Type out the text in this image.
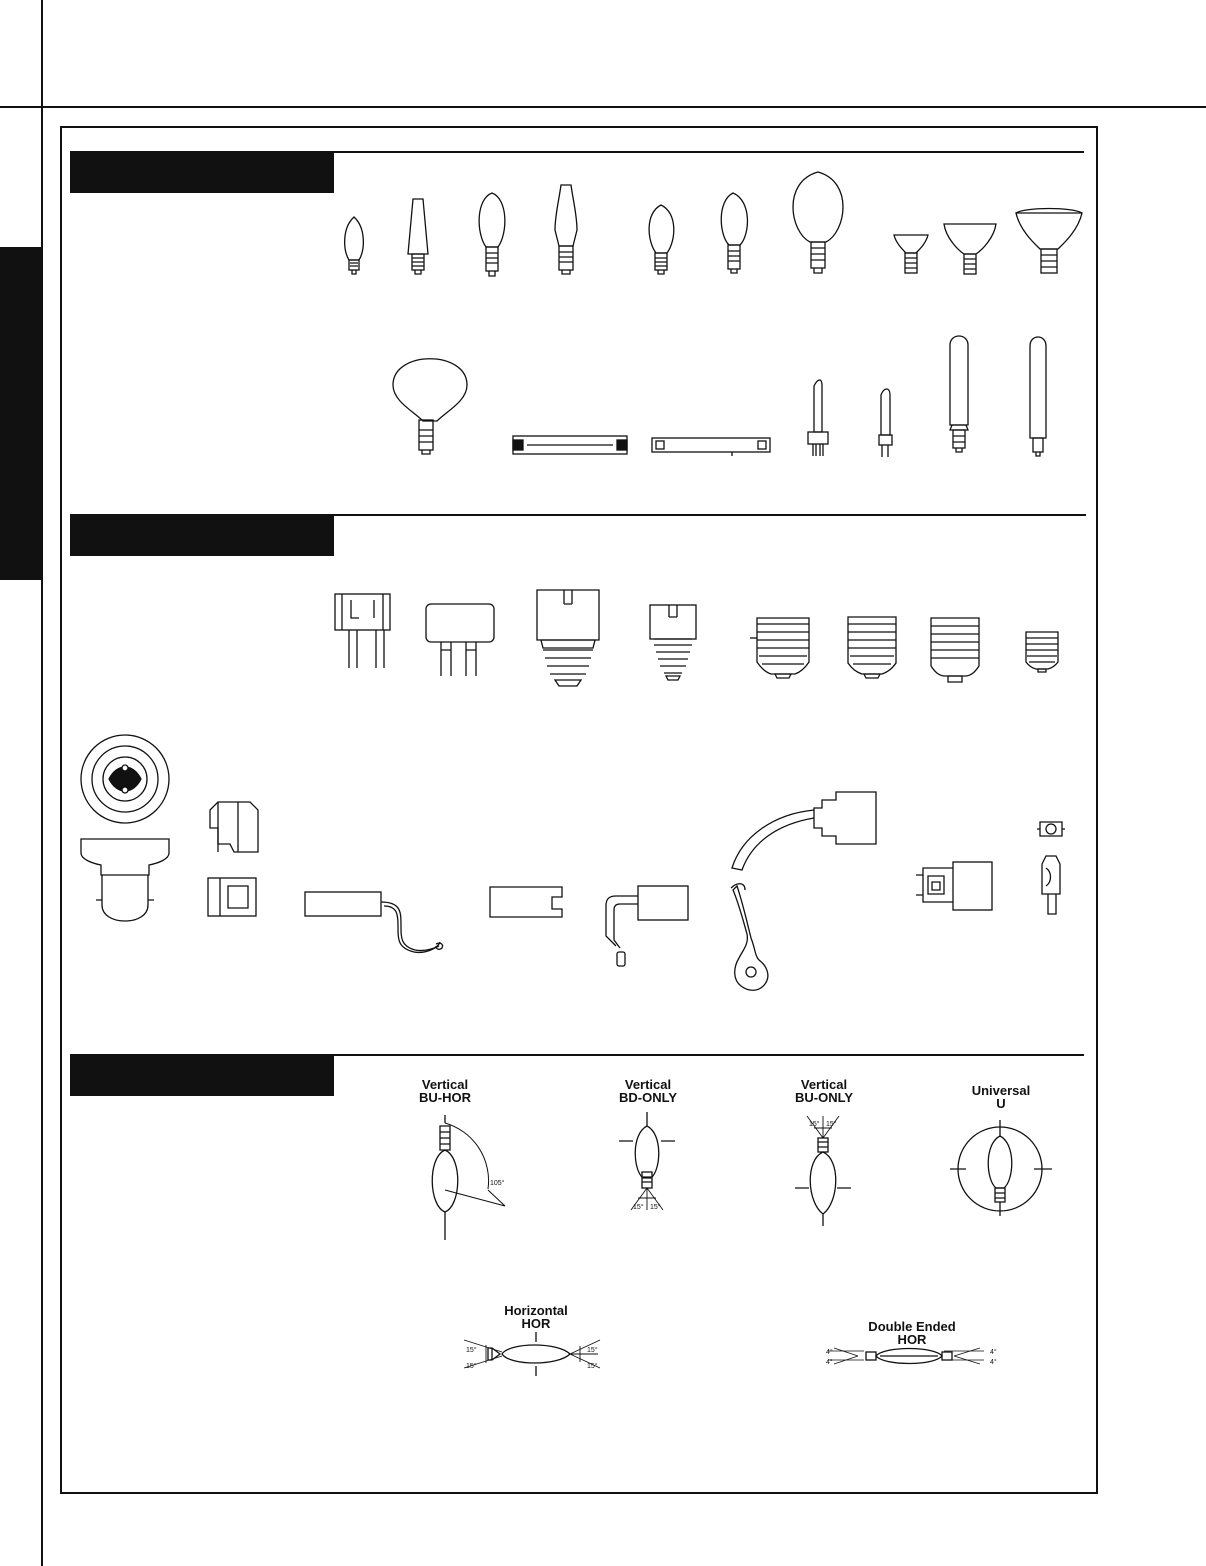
105°
15° 15°
15° 15°
15°
15°
15°
15°
4°
4°
4°
4°
Vertical
BU-HOR
Vertical
BD-ONLY
Vertical
BU-ONLY	Universal
U
Horizontal
HOR	Double Ended
HOR
